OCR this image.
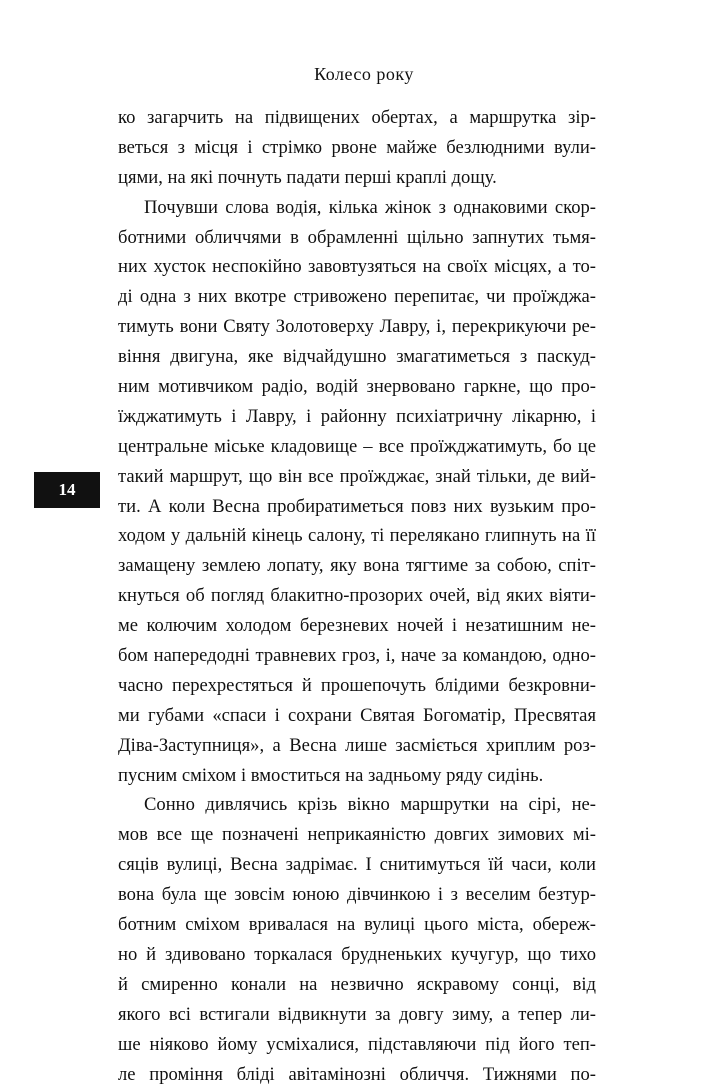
Колесо року
14
ко загарчить на підвищених обертах, а маршрутка зір-
веться з місця і стрімко рвоне майже безлюдними вули-
цями, на які почнуть падати перші краплі дощу.
Почувши слова водія, кілька жінок з однаковими скор-
ботними обличчями в обрамленні щільно запнутих тьмя-
них хусток неспокійно завовтузяться на своїх місцях, а то-
ді одна з них вкотре стривожено перепитає, чи проїжджа-
тимуть вони Святу Золотоверху Лавру, і, перекрикуючи ре-
віння двигуна, яке відчайдушно змагатиметься з паскуд-
ним мотивчиком радіо, водій знервовано гаркне, що про-
їжджатимуть і Лавру, і районну психіатричну лікарню, і
центральне міське кладовище – все проїжджатимуть, бо це
такий маршрут, що він все проїжджає, знай тільки, де вий-
ти. А коли Весна пробиратиметься повз них вузьким про-
ходом у дальній кінець салону, ті перелякано глипнуть на її
замащену землею лопату, яку вона тягтиме за собою, спіт-
кнуться об погляд блакитно-прозорих очей, від яких віяти-
ме колючим холодом березневих ночей і незатишним не-
бом напередодні травневих гроз, і, наче за командою, одно-
часно перехрестяться й прошепочуть блідими безкровни-
ми губами «спаси і сохрани Святая Богоматір, Пресвятая
Діва-Заступниця», а Весна лише засміється хриплим роз-
пусним сміхом і вмоститься на задньому ряду сидінь.
Сонно дивлячись крізь вікно маршрутки на сірі, не-
мов все ще позначені неприкаяністю довгих зимових мі-
сяців вулиці, Весна задрімає. І снитимуться їй часи, коли
вона була ще зовсім юною дівчинкою і з веселим безтур-
ботним сміхом вривалася на вулиці цього міста, обереж-
но й здивовано торкалася брудненьких кучугур, що тихо
й смиренно конали на незвично яскравому сонці, від
якого всі встигали відвикнути за довгу зиму, а тепер ли-
ше ніяково йому усміхалися, підставляючи під його теп-
ле проміння бліді авітамінозні обличчя. Тижнями по-
